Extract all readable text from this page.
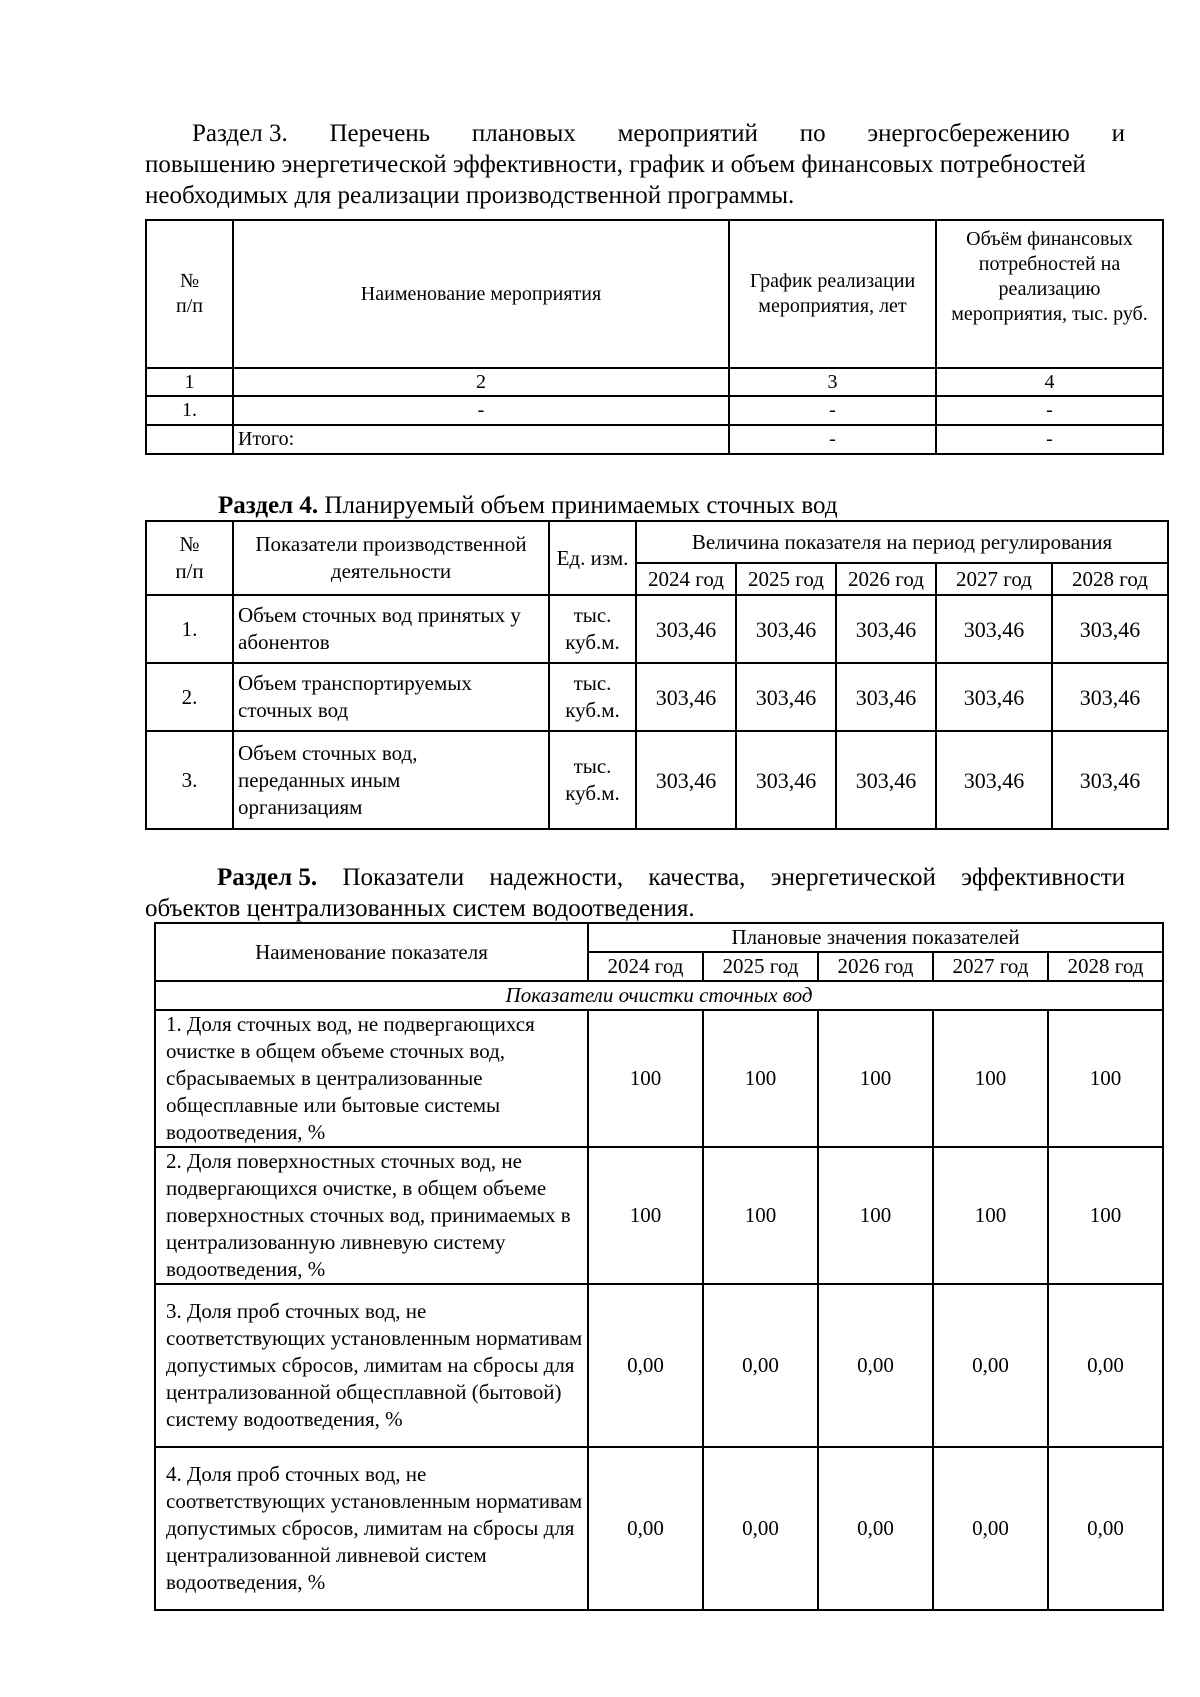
Раздел 3. Перечень плановых мероприятий по энергосбережению и
повышению энергетической эффективности, график и объем финансовых потребностей необходимых для реализации производственной программы.
№ п/п	Наименование мероприятия	График реализации мероприятия, лет	Объём финансовых потребностей на реализацию мероприятия, тыс. руб.
1	2	3	4
1.	-	-	-
	Итого:	-	-
Раздел 4. Планируемый объем принимаемых сточных вод
№ п/п	Показатели производственной деятельности	Ед. изм.	Величина показателя на период регулирования				
			2024 год	2025 год	2026 год	2027 год	2028 год
1.	Объем сточных вод принятых у абонентов	тыс. куб.м.	303,46	303,46	303,46	303,46	303,46
2.	Объем транспортируемых сточных вод	тыс. куб.м.	303,46	303,46	303,46	303,46	303,46
3.	Объем сточных вод, переданных иным организациям	тыс. куб.м.	303,46	303,46	303,46	303,46	303,46
Раздел 5. Показатели надежности, качества, энергетической эффективности
объектов централизованных систем водоотведения.
Наименование показателя	Плановые значения показателей				
	2024 год	2025 год	2026 год	2027 год	2028 год
Показатели очистки сточных вод					
1. Доля сточных вод, не подвергающихся очистке в общем объеме сточных вод, сбрасываемых в централизованные общесплавные или бытовые системы водоотведения, %	100	100	100	100	100
2. Доля поверхностных сточных вод, не подвергающихся очистке, в общем объеме поверхностных сточных вод, принимаемых в централизованную ливневую систему водоотведения, %	100	100	100	100	100
3. Доля проб сточных вод, не соответствующих установленным нормативам допустимых сбросов, лимитам на сбросы для централизованной общесплавной (бытовой) систему водоотведения, %	0,00	0,00	0,00	0,00	0,00
4. Доля проб сточных вод, не соответствующих установленным нормативам допустимых сбросов, лимитам на сбросы для централизованной ливневой систем водоотведения, %	0,00	0,00	0,00	0,00	0,00
